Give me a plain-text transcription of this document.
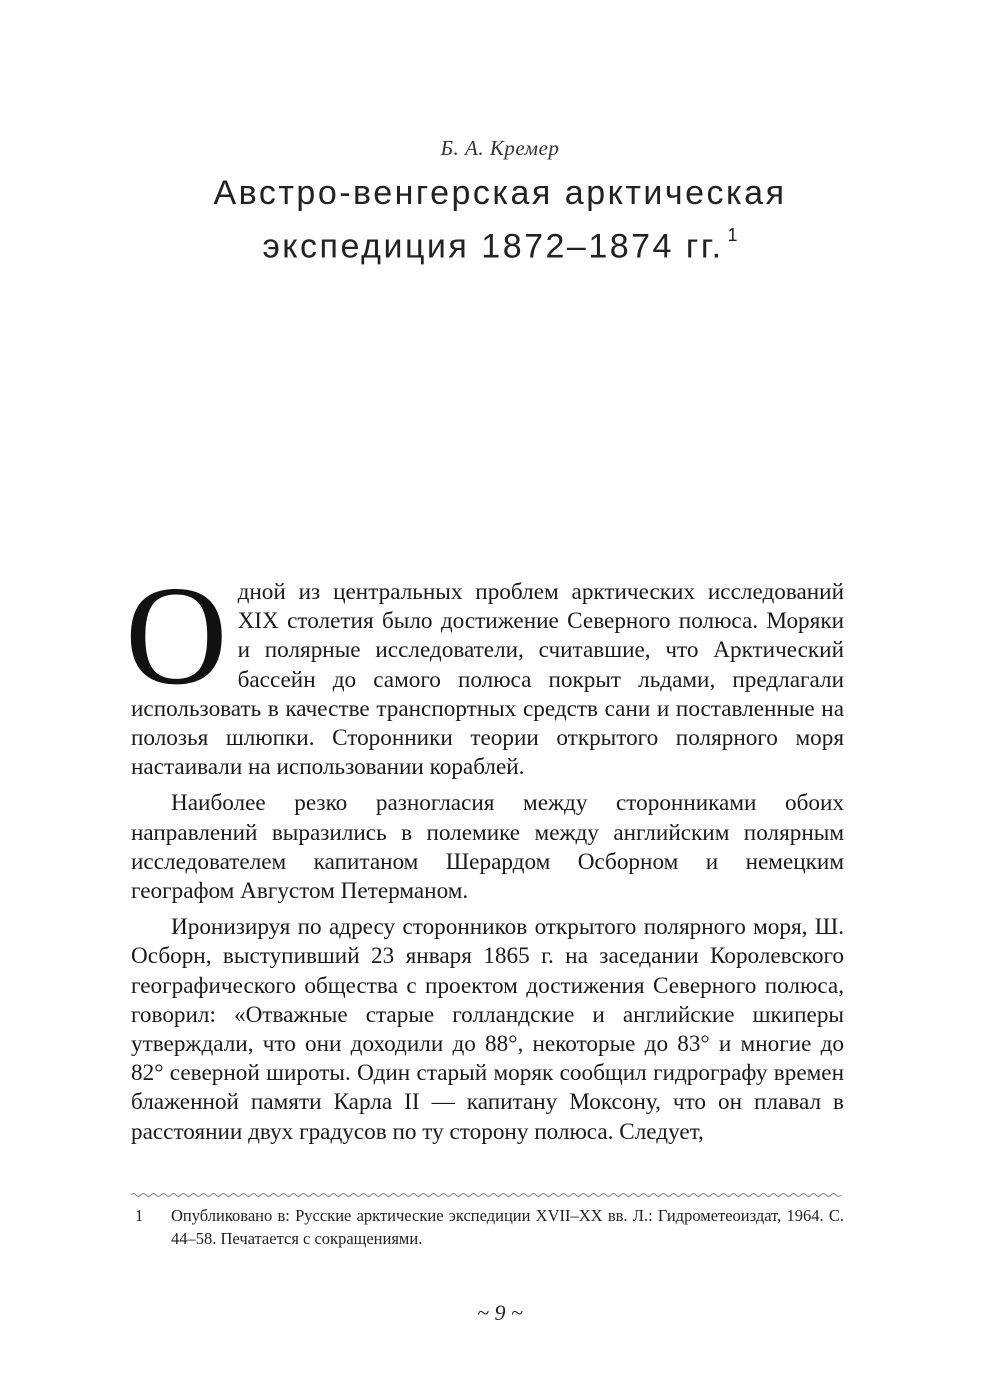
Б. А. Кремер
Австро-венгерская арктическая
экспедиция 1872–1874 гг. $^1$

Одной из центральных проблем арктических исследований XIX столетия было достижение Северного полюса. Моряки и полярные исследователи, считавшие, что Арктический бассейн до самого полюса покрыт льдами, предлагали использовать в качестве транспортных средств сани и поставленные на полозья шлюпки. Сторонники теории открытого полярного моря настаивали на использовании кораблей.

Наиболее резко разногласия между сторонниками обоих направлений выразились в полемике между английским полярным исследователем капитаном Шерардом Осборном и немецким географом Августом Петерманом.

Иронизируя по адресу сторонников открытого полярного моря, Ш. Осборн, выступивший 23 января 1865 г. на заседании Королевского географического общества с проектом достижения Северного полюса, говорил: «Отважные старые голландские и английские шкиперы утверждали, что они доходили до 88°, некоторые до 83° и многие до 82° северной широты. Один старый моряк сообщил гидрографу времен блаженной памяти Карла II — капитану Моксону, что он плавал в расстоянии двух градусов по ту сторону полюса. Следует,

1 Опубликовано в: Русские арктические экспедиции XVII–XX вв. Л.: Гидрометеоиздат, 1964. С. 44–58. Печатается с сокращениями.
~ 9 ~
